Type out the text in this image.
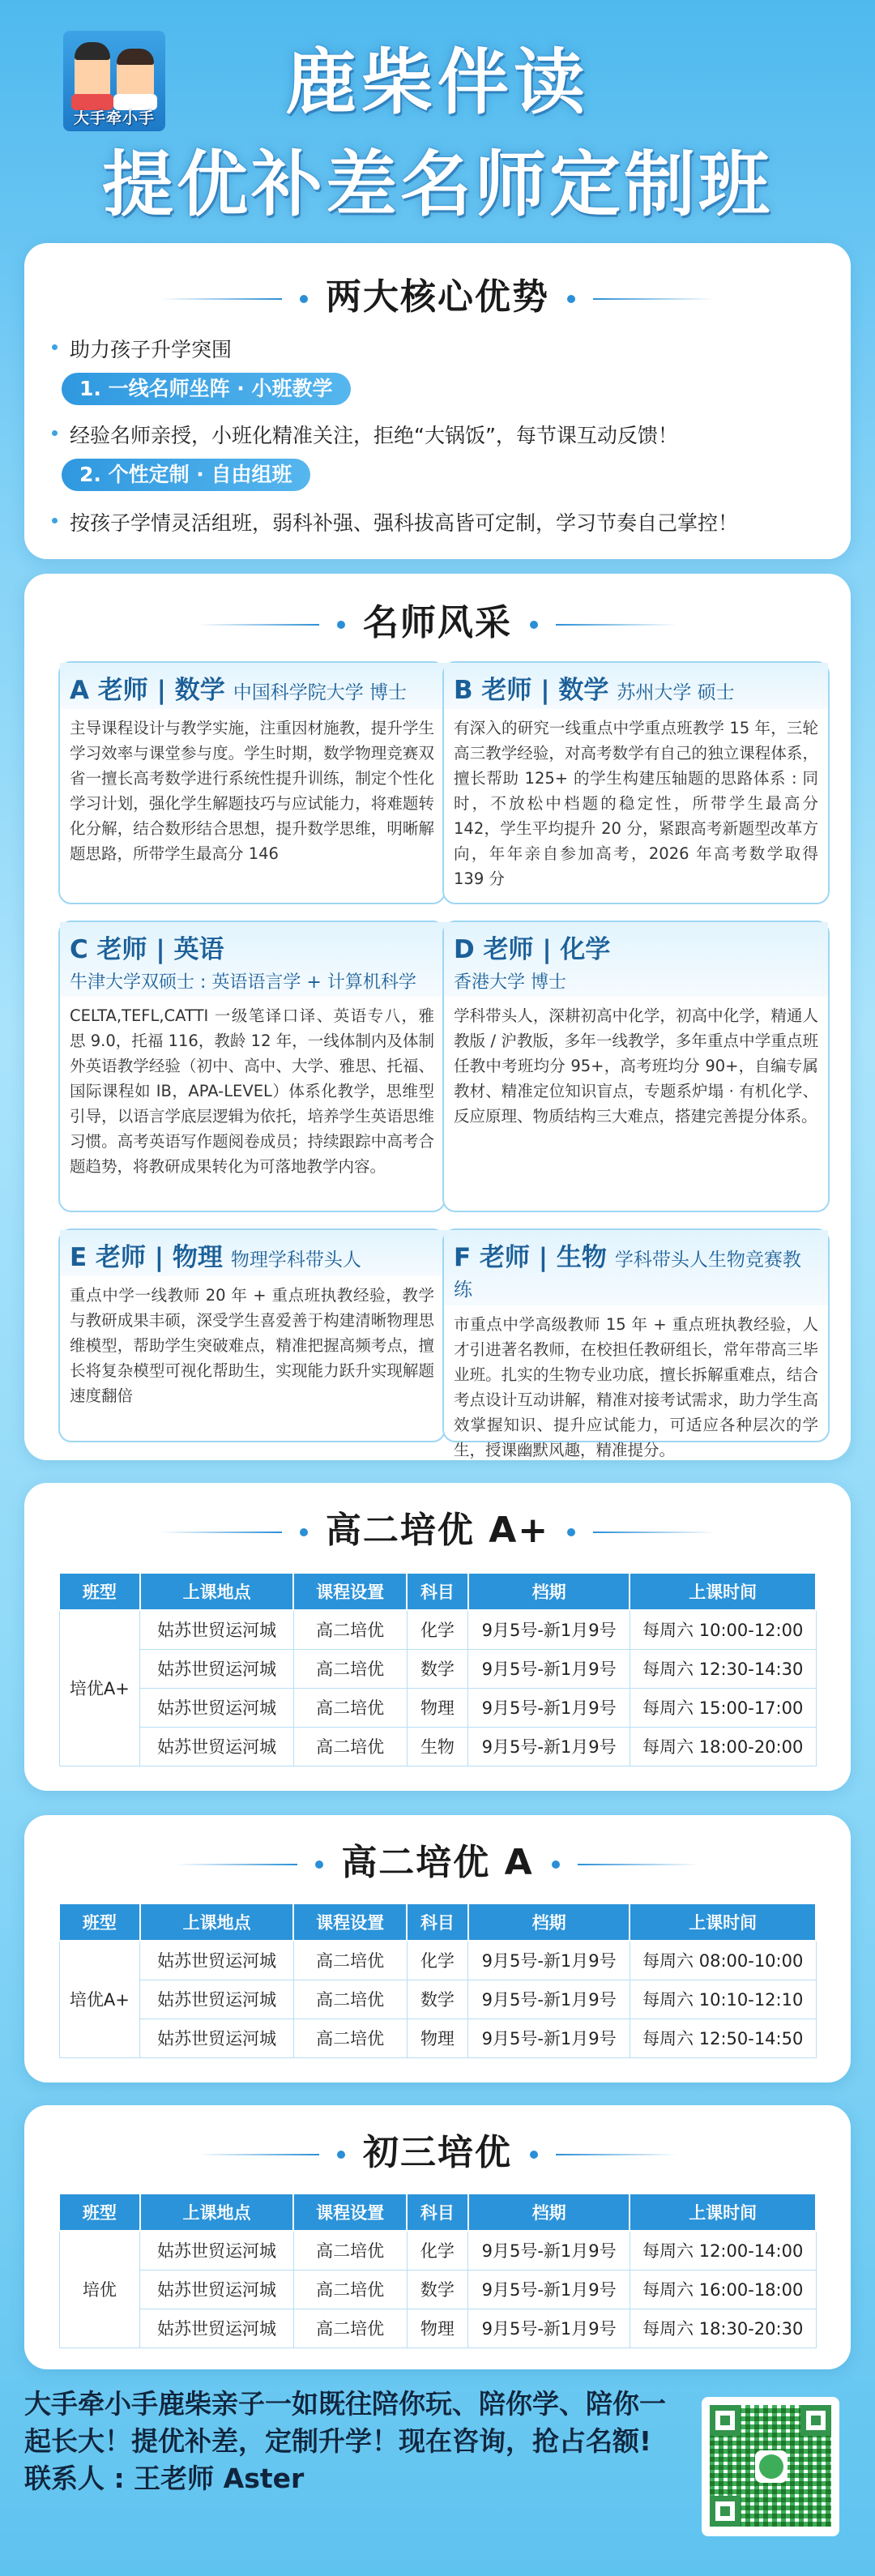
大手牵小手	鹿柴伴读
提优补差名师定制班
两大核心优势
助力孩子升学突围
1. 一线名师坐阵 · 小班教学
经验名师亲授，小班化精准关注，拒绝“大锅饭”，每节课互动反馈！
2. 个性定制 · 自由组班
按孩子学情灵活组班，弱科补强、强科拔高皆可定制，学习节奏自己掌控！
名师风采
A 老师 | 数学 中国科学院大学 博士
主导课程设计与教学实施，注重因材施教，提升学生学习效率与课堂参与度。学生时期，数学物理竞赛双省一擅长高考数学进行系统性提升训练，制定个性化学习计划，强化学生解题技巧与应试能力，将难题转化分解，结合数形结合思想，提升数学思维，明晰解题思路，所带学生最高分 146
B 老师 | 数学 苏州大学 硕士
有深入的研究一线重点中学重点班教学 15 年，三轮高三教学经验，对高考数学有自己的独立课程体系，擅长帮助 125+ 的学生构建压轴题的思路体系 : 同时，不放松中档题的稳定性，所带学生最高分 142，学生平均提升 20 分，紧跟高考新题型改革方向，年年亲自参加高考，2026 年高考数学取得 139 分
C 老师 | 英语
牛津大学双硕士 : 英语语言学 + 计算机科学
CELTA,TEFL,CATTI 一级笔译口译、英语专八，雅思 9.0，托福 116，教龄 12 年，一线体制内及体制外英语教学经验（初中、高中、大学、雅思、托福、国际课程如 IB，APA-LEVEL）体系化教学，思维型引导，以语言学底层逻辑为依托，培养学生英语思维习惯。高考英语写作题阅卷成员；持续跟踪中高考合题趋势，将教研成果转化为可落地教学内容。
D 老师 | 化学
香港大学 博士
学科带头人，深耕初高中化学，初高中化学，精通人教版 / 沪教版，多年一线教学，多年重点中学重点班任教中考班均分 95+，高考班均分 90+，自编专属教材、精准定位知识盲点，专题系炉塌 · 有机化学、反应原理、物质结构三大难点，搭建完善提分体系。
E 老师 | 物理 物理学科带头人
重点中学一线教师 20 年 + 重点班执教经验，教学与教研成果丰硕，深受学生喜爱善于构建清晰物理思维模型，帮助学生突破难点，精准把握高频考点，擅长将复杂模型可视化帮助生，实现能力跃升实现解题速度翻倍
F 老师 | 生物 学科带头人生物竞赛教练
市重点中学高级教师 15 年 + 重点班执教经验，人才引进著名教师，在校担任教研组长，常年带高三毕业班。扎实的生物专业功底，擅长拆解重难点，结合考点设计互动讲解，精准对接考试需求，助力学生高效掌握知识、提升应试能力，可适应各种层次的学生，授课幽默风趣，精准提分。
高二培优 A+
班型	上课地点	课程设置	科目	档期	上课时间
培优A+	姑苏世贸运河城	高二培优	化学	9月5号-新1月9号	每周六 10:00-12:00
	姑苏世贸运河城	高二培优	数学	9月5号-新1月9号	每周六 12:30-14:30
	姑苏世贸运河城	高二培优	物理	9月5号-新1月9号	每周六 15:00-17:00
	姑苏世贸运河城	高二培优	生物	9月5号-新1月9号	每周六 18:00-20:00
高二培优 A
班型	上课地点	课程设置	科目	档期	上课时间
培优A+	姑苏世贸运河城	高二培优	化学	9月5号-新1月9号	每周六 08:00-10:00
	姑苏世贸运河城	高二培优	数学	9月5号-新1月9号	每周六 10:10-12:10
	姑苏世贸运河城	高二培优	物理	9月5号-新1月9号	每周六 12:50-14:50
初三培优
班型	上课地点	课程设置	科目	档期	上课时间
培优	姑苏世贸运河城	高二培优	化学	9月5号-新1月9号	每周六 12:00-14:00
	姑苏世贸运河城	高二培优	数学	9月5号-新1月9号	每周六 16:00-18:00
	姑苏世贸运河城	高二培优	物理	9月5号-新1月9号	每周六 18:30-20:30
大手牵小手鹿柴亲子一如既往陪你玩、陪你学、陪你一起长大！提优补差，定制升学！现在咨询，抢占名额!
联系人 : 王老师 Aster
